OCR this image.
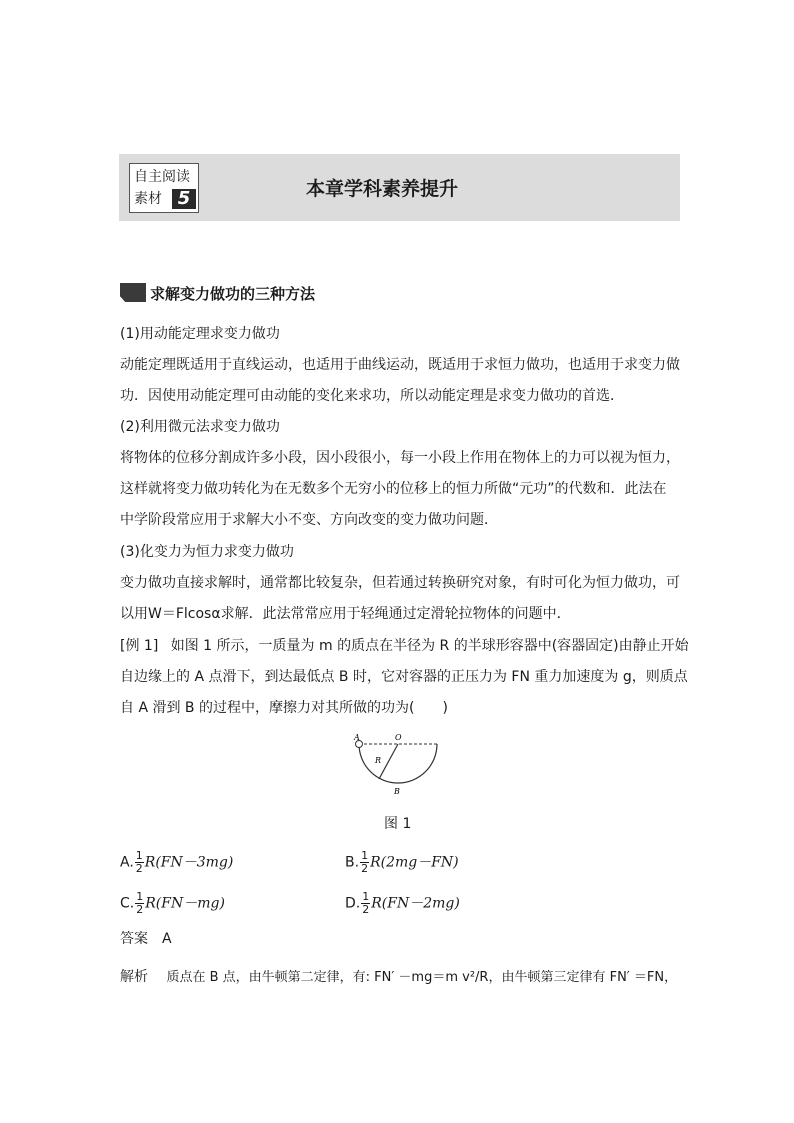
自主阅读
素材 5	本章学科素养提升
求解变力做功的三种方法
(1)用动能定理求变力做功
动能定理既适用于直线运动，也适用于曲线运动，既适用于求恒力做功，也适用于求变力做
功．因使用动能定理可由动能的变化来求功，所以动能定理是求变力做功的首选．
(2)利用微元法求变力做功
将物体的位移分割成许多小段，因小段很小，每一小段上作用在物体上的力可以视为恒力，
这样就将变力做功转化为在无数多个无穷小的位移上的恒力所做“元功”的代数和．此法在
中学阶段常应用于求解大小不变、方向改变的变力做功问题．
(3)化变力为恒力求变力做功
变力做功直接求解时，通常都比较复杂，但若通过转换研究对象，有时可化为恒力做功，可
以用W＝Flcosα求解．此法常常应用于轻绳通过定滑轮拉物体的问题中．
[例 1] 如图 1 所示，一质量为 m 的质点在半径为 R 的半球形容器中(容器固定)由静止开始
自边缘上的 A 点滑下，到达最低点 B 时，它对容器的正压力为 FN 重力加速度为 g，则质点
自 A 滑到 B 的过程中，摩擦力对其所做的功为(　　)
A	O
R
B
图 1
A. $\frac{1}{2} R(FN-3mg)$	B. $\frac{1}{2} R(2mg-FN)$
C. $\frac{1}{2} R(FN-mg)$	D. $\frac{1}{2} R(FN-2mg)$
答案　A
解析 质点在 B 点，由牛顿第二定律，有: FN′ －mg＝m v²/R，由牛顿第三定律有 FN′ ＝FN，
